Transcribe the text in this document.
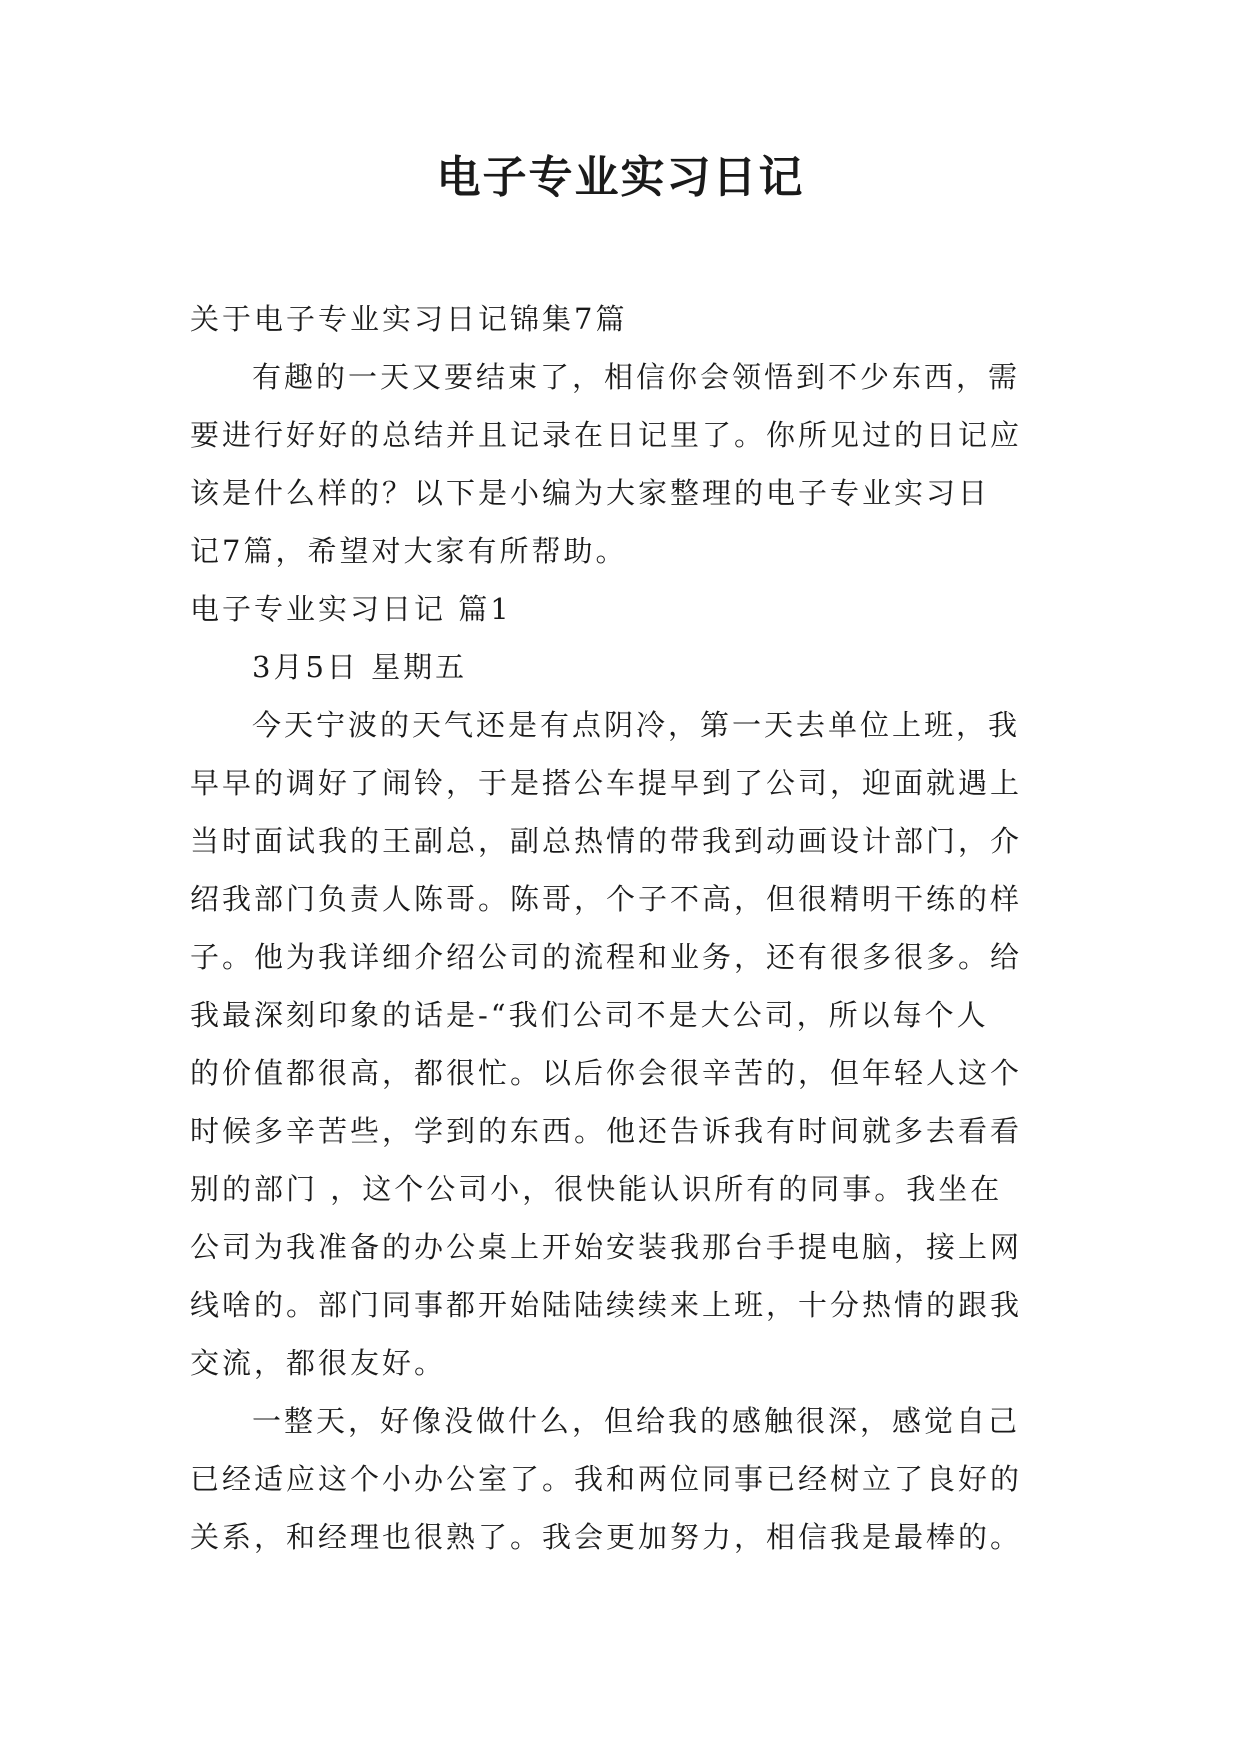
电子专业实习日记

关于电子专业实习日记锦集7篇

有趣的一天又要结束了，相信你会领悟到不少东西，需

要进行好好的总结并且记录在日记里了。你所见过的日记应

该是什么样的？以下是小编为大家整理的电子专业实习日

记7篇，希望对大家有所帮助。

电子专业实习日记 篇1

3月5日 星期五

今天宁波的天气还是有点阴冷，第一天去单位上班，我

早早的调好了闹铃，于是搭公车提早到了公司，迎面就遇上

当时面试我的王副总，副总热情的带我到动画设计部门，介

绍我部门负责人陈哥。陈哥，个子不高，但很精明干练的样

子。他为我详细介绍公司的流程和业务，还有很多很多。给

我最深刻印象的话是-“我们公司不是大公司，所以每个人

的价值都很高，都很忙。以后你会很辛苦的，但年轻人这个

时候多辛苦些，学到的东西。他还告诉我有时间就多去看看

别的部门 ，这个公司小，很快能认识所有的同事。我坐在

公司为我准备的办公桌上开始安装我那台手提电脑，接上网

线啥的。部门同事都开始陆陆续续来上班，十分热情的跟我

交流，都很友好。

一整天，好像没做什么，但给我的感触很深，感觉自己

已经适应这个小办公室了。我和两位同事已经树立了良好的

关系，和经理也很熟了。我会更加努力，相信我是最棒的。
